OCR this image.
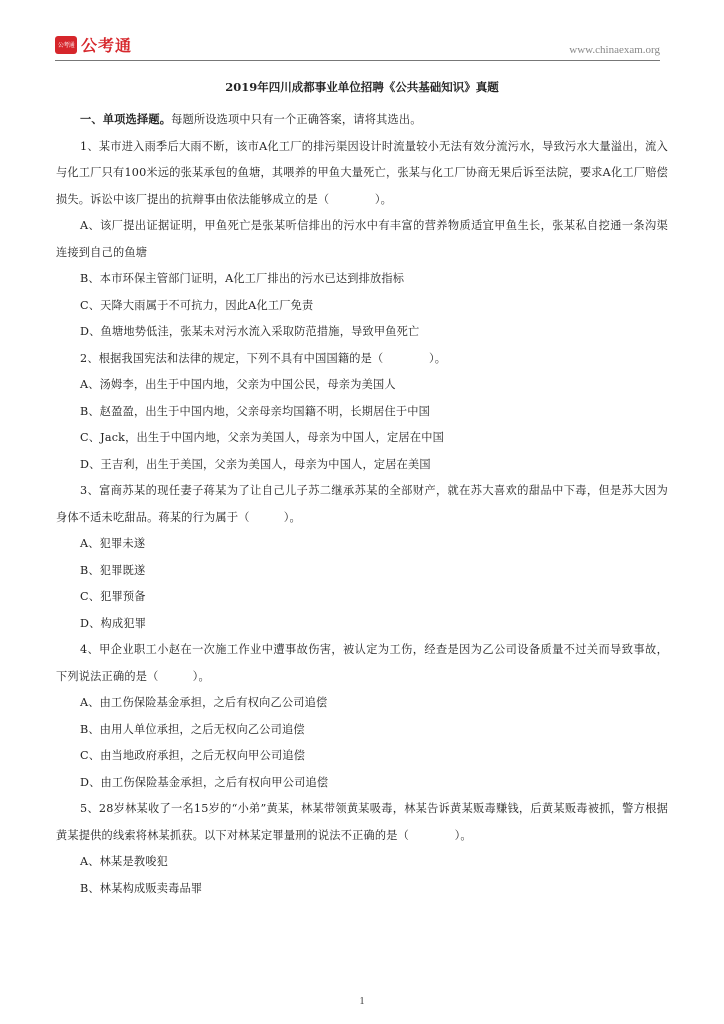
公考通 公考通	www.chinaexam.org
2019年四川成都事业单位招聘《公共基础知识》真题

一、单项选择题。每题所设选项中只有一个正确答案，请将其选出。

1、某市进入雨季后大雨不断，该市A化工厂的排污渠因设计时流量较小无法有效分流污水，导致污水大量溢出，流入与化工厂只有100米远的张某承包的鱼塘，其喂养的甲鱼大量死亡，张某与化工厂协商无果后诉至法院，要求A化工厂赔偿损失。诉讼中该厂提出的抗辩事由依法能够成立的是（　　　　）。

A、该厂提出证据证明，甲鱼死亡是张某听信排出的污水中有丰富的营养物质适宜甲鱼生长，张某私自挖通一条沟渠连接到自己的鱼塘

B、本市环保主管部门证明，A化工厂排出的污水已达到排放指标

C、天降大雨属于不可抗力，因此A化工厂免责

D、鱼塘地势低洼，张某未对污水流入采取防范措施，导致甲鱼死亡

2、根据我国宪法和法律的规定，下列不具有中国国籍的是（　　　　）。

A、汤姆李，出生于中国内地，父亲为中国公民，母亲为美国人

B、赵盈盈，出生于中国内地，父亲母亲均国籍不明，长期居住于中国

C、Jack，出生于中国内地，父亲为美国人，母亲为中国人，定居在中国

D、王吉利，出生于美国，父亲为美国人，母亲为中国人，定居在美国

3、富商苏某的现任妻子蒋某为了让自己儿子苏二继承苏某的全部财产，就在苏大喜欢的甜品中下毒，但是苏大因为身体不适未吃甜品。蒋某的行为属于（　　　）。

A、犯罪未遂

B、犯罪既遂

C、犯罪预备

D、构成犯罪

4、甲企业职工小赵在一次施工作业中遭事故伤害，被认定为工伤，经查是因为乙公司设备质量不过关而导致事故，下列说法正确的是（　　　）。

A、由工伤保险基金承担，之后有权向乙公司追偿

B、由用人单位承担，之后无权向乙公司追偿

C、由当地政府承担，之后无权向甲公司追偿

D、由工伤保险基金承担，之后有权向甲公司追偿

5、28岁林某收了一名15岁的“小弟”黄某，林某带领黄某吸毒，林某告诉黄某贩毒赚钱，后黄某贩毒被抓，警方根据黄某提供的线索将林某抓获。以下对林某定罪量刑的说法不正确的是（　　　　）。

A、林某是教唆犯

B、林某构成贩卖毒品罪

1
